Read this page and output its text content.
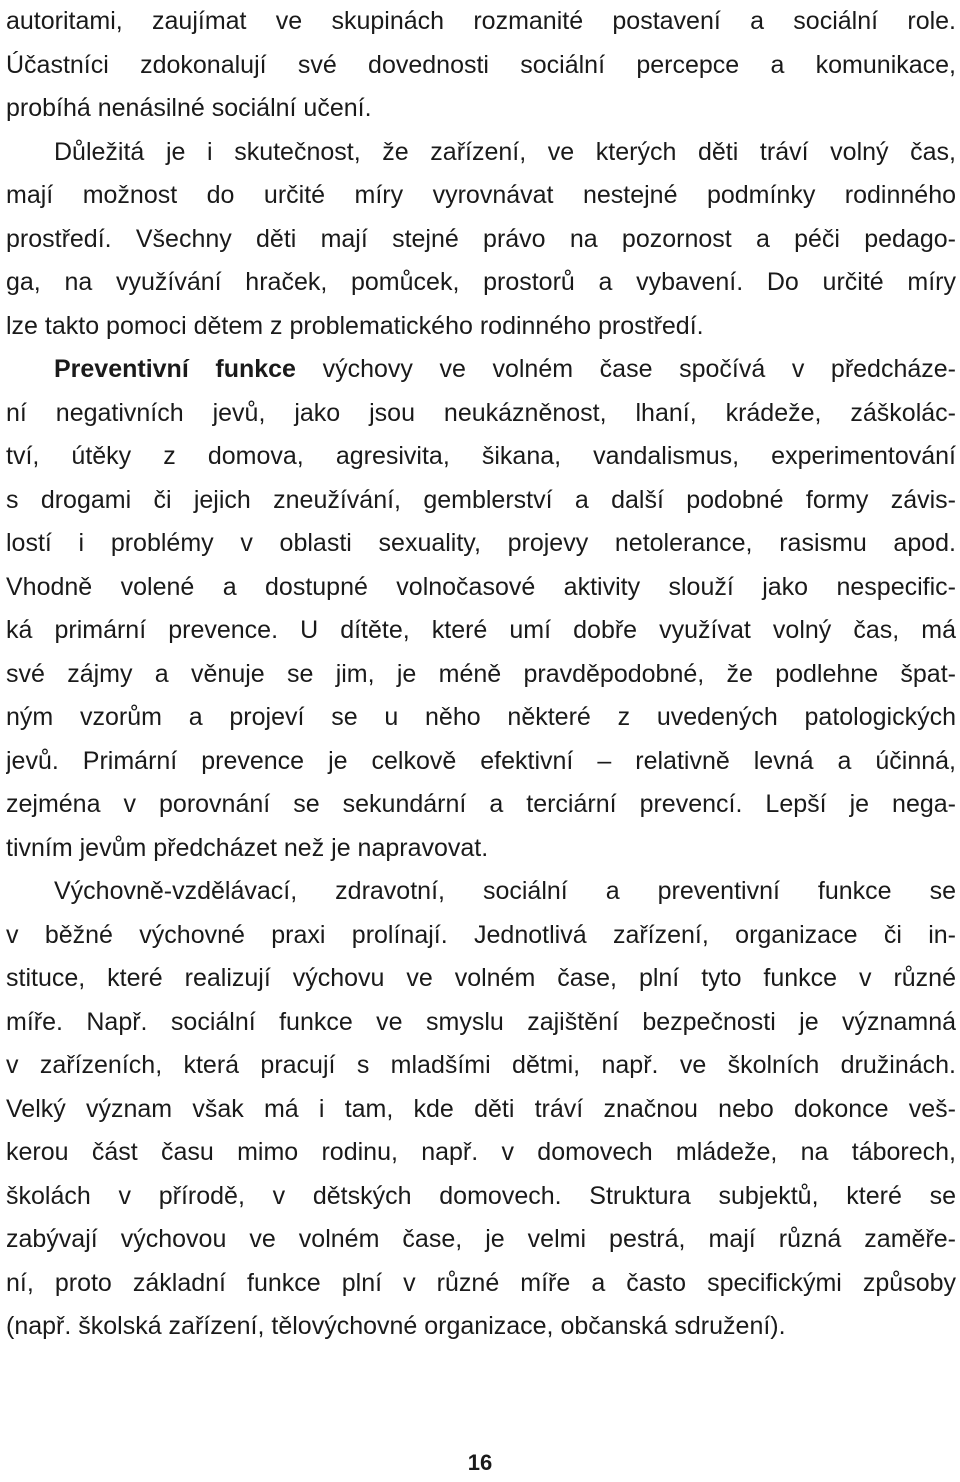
autoritami, zaujímat ve skupinách rozmanité postavení a sociální role.
Účastníci zdokonalují své dovednosti sociální percepce a komunikace,
probíhá nenásilné sociální učení.
Důležitá je i skutečnost, že zařízení, ve kterých děti tráví volný čas,
mají možnost do určité míry vyrovnávat nestejné podmínky rodinného
prostředí. Všechny děti mají stejné právo na pozornost a péči pedago-
ga, na využívání hraček, pomůcek, prostorů a vybavení. Do určité míry
lze takto pomoci dětem z problematického rodinného prostředí.
Preventivní funkce výchovy ve volném čase spočívá v předcháze-
ní negativních jevů, jako jsou neukázněnost, lhaní, krádeže, záškolác-
tví, útěky z domova, agresivita, šikana, vandalismus, experimentování
s drogami či jejich zneužívání, gemblerství a další podobné formy závis-
lostí i problémy v oblasti sexuality, projevy netolerance, rasismu apod.
Vhodně volené a dostupné volnočasové aktivity slouží jako nespecific-
ká primární prevence. U dítěte, které umí dobře využívat volný čas, má
své zájmy a věnuje se jim, je méně pravděpodobné, že podlehne špat-
ným vzorům a projeví se u něho některé z uvedených patologických
jevů. Primární prevence je celkově efektivní – relativně levná a účinná,
zejména v porovnání se sekundární a terciární prevencí. Lepší je nega-
tivním jevům předcházet než je napravovat.
Výchovně-vzdělávací, zdravotní, sociální a preventivní funkce se
v běžné výchovné praxi prolínají. Jednotlivá zařízení, organizace či in-
stituce, které realizují výchovu ve volném čase, plní tyto funkce v různé
míře. Např. sociální funkce ve smyslu zajištění bezpečnosti je významná
v zařízeních, která pracují s mladšími dětmi, např. ve školních družinách.
Velký význam však má i tam, kde děti tráví značnou nebo dokonce veš-
kerou část času mimo rodinu, např. v domovech mládeže, na táborech,
školách v přírodě, v dětských domovech. Struktura subjektů, které se
zabývají výchovou ve volném čase, je velmi pestrá, mají různá zaměře-
ní, proto základní funkce plní v různé míře a často specifickými způsoby
(např. školská zařízení, tělovýchovné organizace, občanská sdružení).
16
